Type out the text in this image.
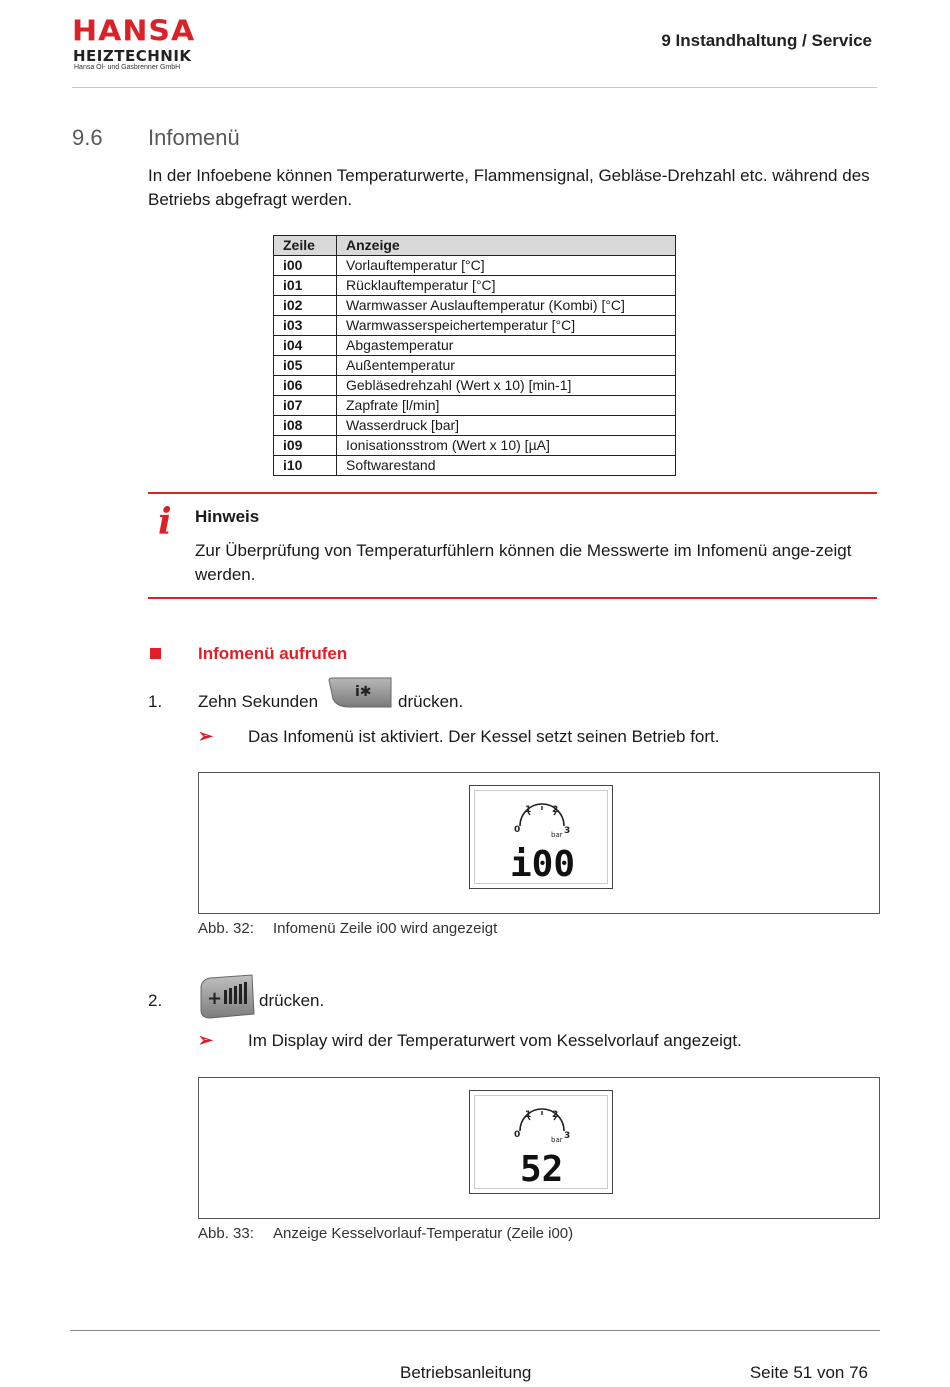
HANSA
HEIZTECHNIK
Hansa Öl- und Gasbrenner GmbH
9 Instandhaltung / Service
9.6 Infomenü
In der Infoebene können Temperaturwerte, Flammensignal, Gebläse-Drehzahl etc. während des Betriebs abgefragt werden.
Zeile	Anzeige
i00	Vorlauftemperatur [°C]
i01	Rücklauftemperatur [°C]
i02	Warmwasser Auslauftemperatur (Kombi) [°C]
i03	Warmwasserspeichertemperatur [°C]
i04	Abgastemperatur
i05	Außentemperatur
i06	Gebläsedrehzahl (Wert x 10) [min-1]
i07	Zapfrate [l/min]
i08	Wasserdruck [bar]
i09	Ionisationsstrom (Wert x 10) [µA]
i10	Softwarestand
i Hinweis
Zur Überprüfung von Temperaturfühlern können die Messwerte im Infomenü ange-zeigt werden.
Infomenü aufrufen
1. Zehn Sekunden	i✱ drücken.
➢ Das Infomenü ist aktiviert. Der Kessel setzt seinen Betrieb fort.
0
1 2
3
bar
i00
Abb. 32: Infomenü Zeile i00 wird angezeigt
2. + drücken.
➢ Im Display wird der Temperaturwert vom Kesselvorlauf angezeigt.
0
1 2
3
bar
52
Abb. 33: Anzeige Kesselvorlauf-Temperatur (Zeile i00)
Betriebsanleitung	Seite 51 von 76
